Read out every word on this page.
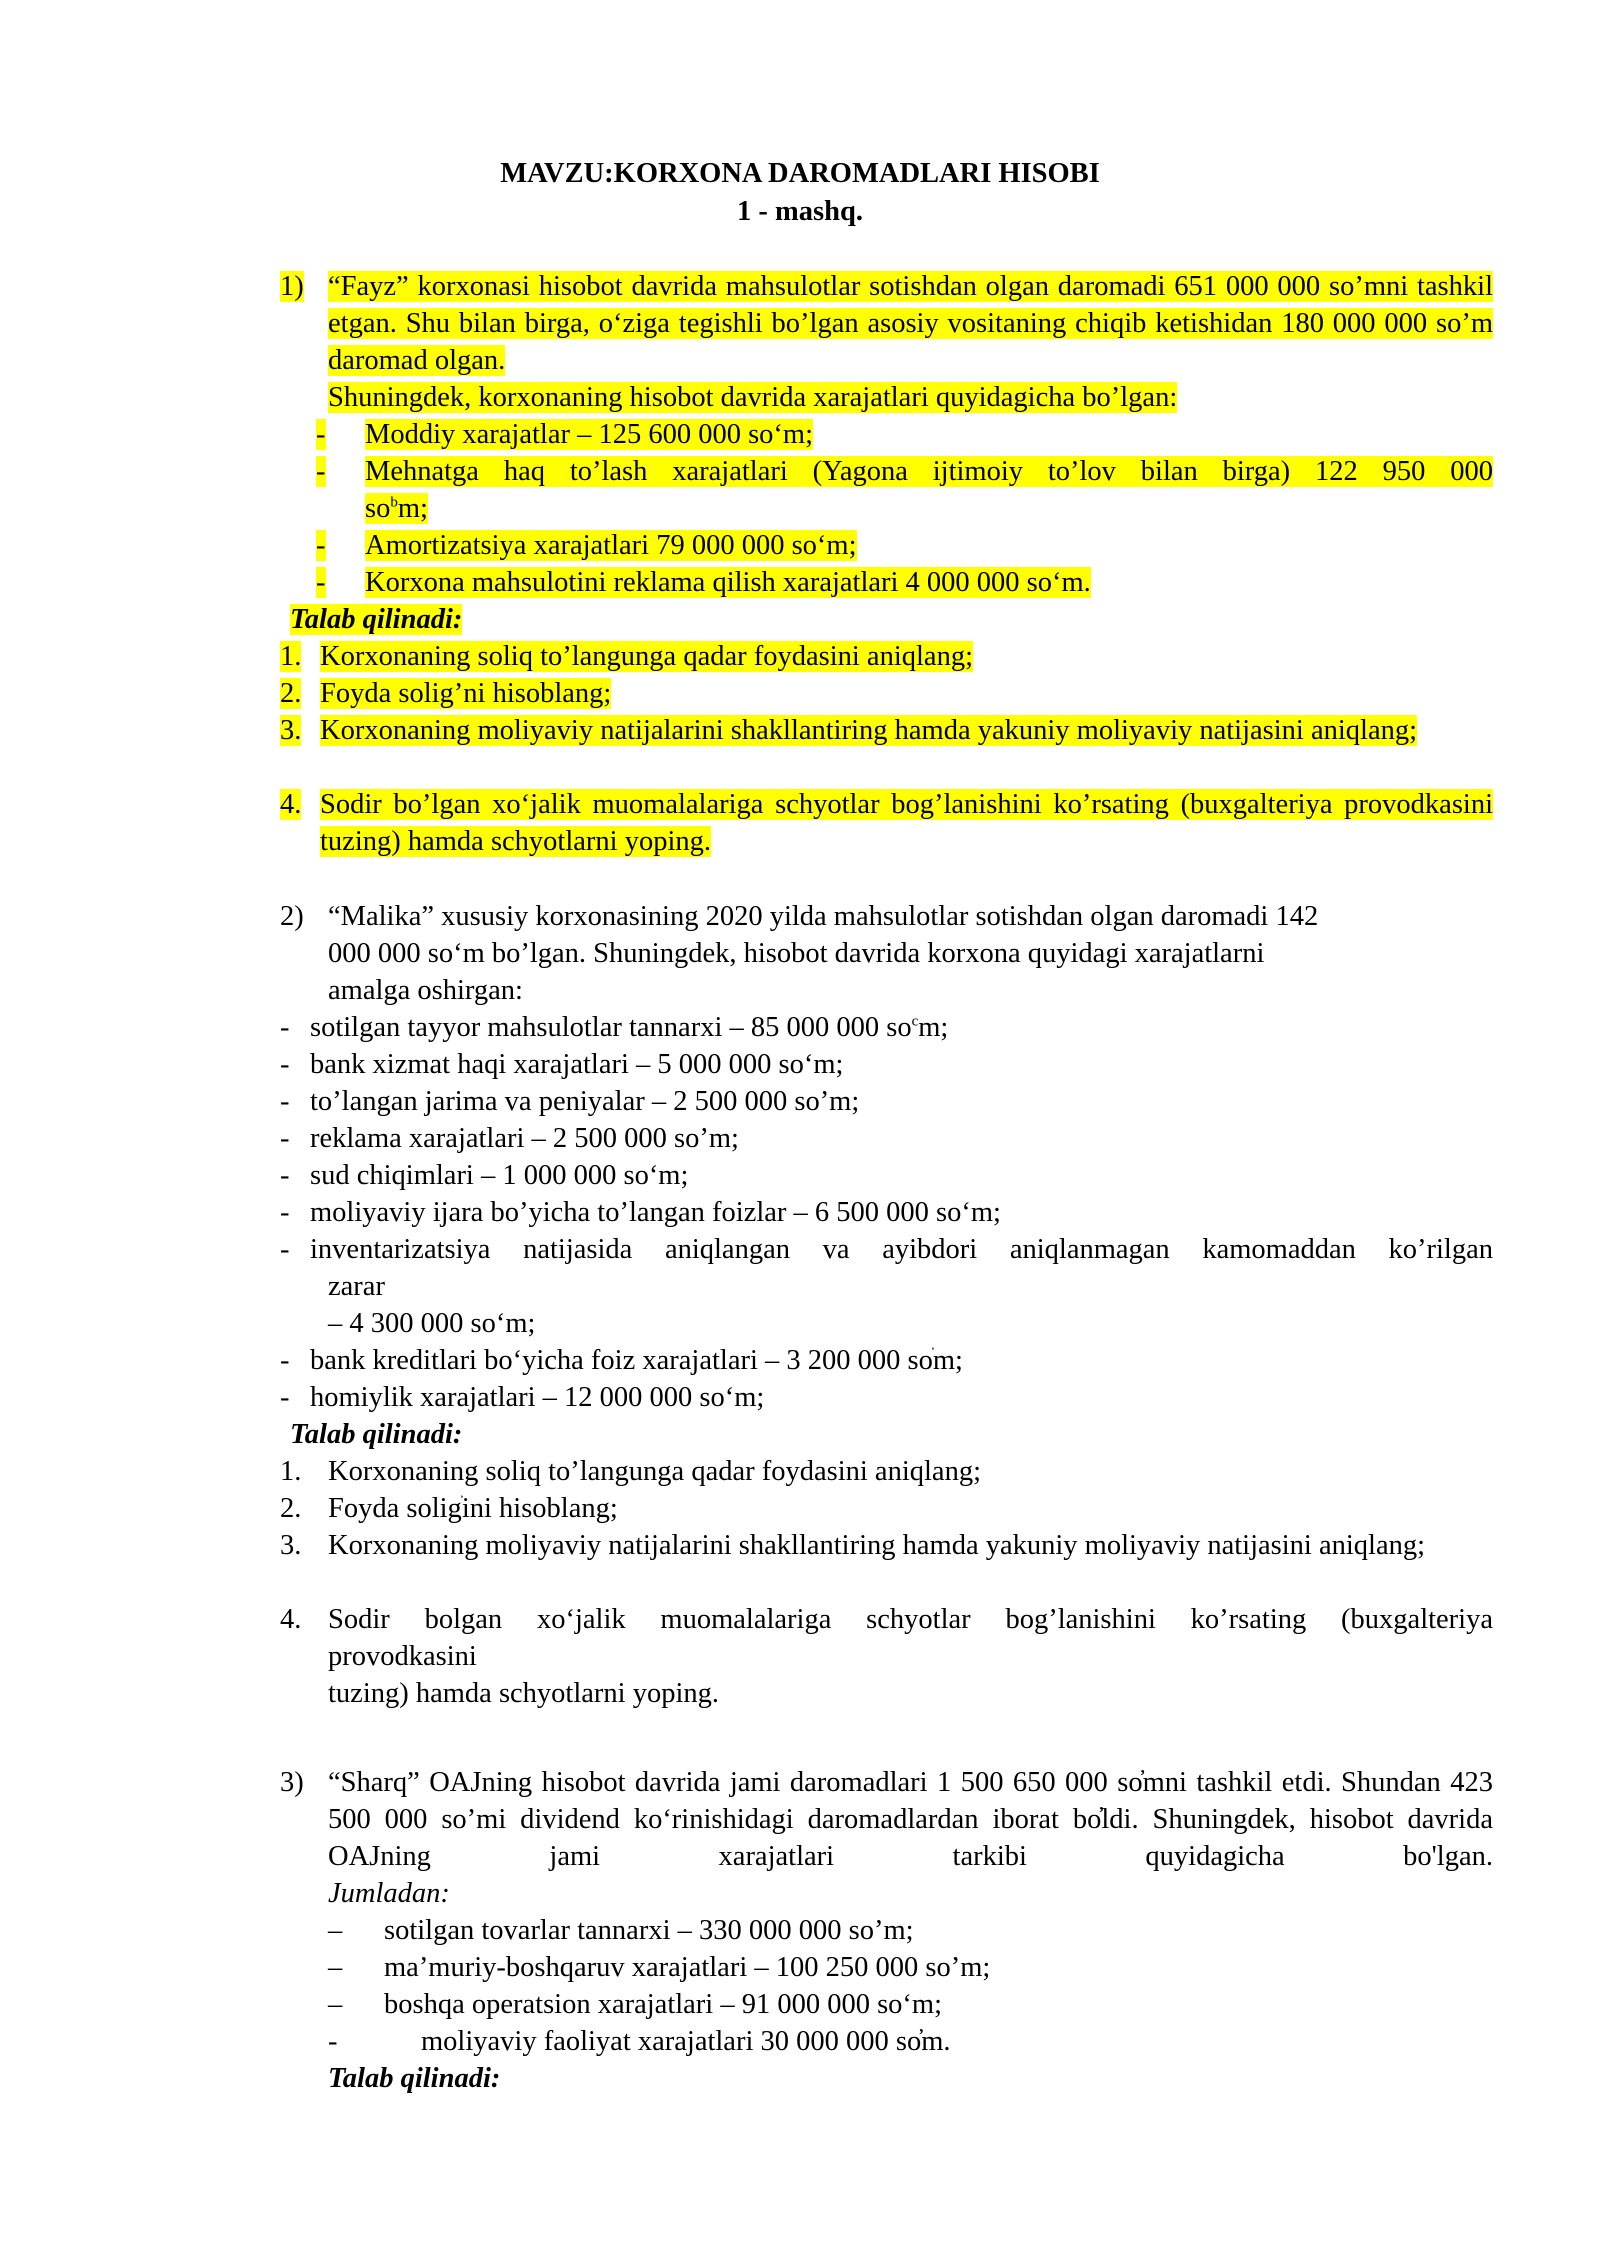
MAVZU:KORXONA DAROMADLARI HISOBI
1 - mashq.
1) “Fayz” korxonasi hisobot davrida mahsulotlar sotishdan olgan daromadi 651 000 000 so’mni tashkil etgan. Shu bilan birga, o‘ziga tegishli bo’lgan asosiy vositaning chiqib ketishidan 180 000 000 so’m daromad olgan.
Shuningdek, korxonaning hisobot davrida xarajatlari quyidagicha bo’lgan:
- Moddiy xarajatlar – 125 600 000 so‘m;
- Mehnatga haq to’lash xarajatlari (Yagona ijtimoiy to’lov bilan birga) 122 950 000
$so^bm$;
- Amortizatsiya xarajatlari 79 000 000 so‘m;
- Korxona mahsulotini reklama qilish xarajatlari 4 000 000 so‘m.
Talab qilinadi:
1. Korxonaning soliq to’langunga qadar foydasini aniqlang;
2. Foyda solig’ni hisoblang;
3. Korxonaning moliyaviy natijalarini shakllantiring hamda yakuniy moliyaviy natijasini aniqlang;
4. Sodir bo’lgan xo‘jalik muomalalariga schyotlar bog’lanishini ko’rsating (buxgalteriya provodkasini tuzing) hamda schyotlarni yoping.
2) “Malika” xususiy korxonasining 2020 yilda mahsulotlar sotishdan olgan daromadi 142
000 000 so‘m bo’lgan. Shuningdek, hisobot davrida korxona quyidagi xarajatlarni
amalga oshirgan:
- sotilgan tayyor mahsulotlar tannarxi – 85 000 000 $so^cm$;
- bank xizmat haqi xarajatlari – 5 000 000 so‘m;
- to’langan jarima va peniyalar – 2 500 000 so’m;
- reklama xarajatlari – 2 500 000 so’m;
- sud chiqimlari – 1 000 000 so‘m;
- moliyaviy ijara bo’yicha to’langan foizlar – 6 500 000 so‘m;
- inventarizatsiya natijasida aniqlangan va ayibdori aniqlanmagan kamomaddan ko’rilgan
zarar
– 4 300 000 so‘m;
- bank kreditlari bo‘yicha foiz xarajatlari – 3 200 000 som;
- homiylik xarajatlari – 12 000 000 so‘m;
Talab qilinadi:
1. Korxonaning soliq to’langunga qadar foydasini aniqlang;
2. Foyda soligini hisoblang;
3. Korxonaning moliyaviy natijalarini shakllantiring hamda yakuniy moliyaviy natijasini aniqlang;
4. Sodir bolgan xo‘jalik muomalalariga schyotlar bog’lanishini ko’rsating (buxgalteriya
provodkasini
tuzing) hamda schyotlarni yoping.
3) “Sharq” OAJning hisobot davrida jami daromadlari 1 500 650 000 so̓mni tashkil etdi. Shundan 423 500 000 so’mi dividend ko‘rinishidagi daromadlardan iborat bo̓ldi. Shuningdek, hisobot davrida OAJning jami xarajatlari tarkibi quyidagicha bo'lgan.
Jumladan:
– sotilgan tovarlar tannarxi – 330 000 000 so’m;
– ma’muriy-boshqaruv xarajatlari – 100 250 000 so’m;
– boshqa operatsion xarajatlari – 91 000 000 so‘m;
-	moliyaviy faoliyat xarajatlari 30 000 000 so̓m.
Talab qilinadi:
